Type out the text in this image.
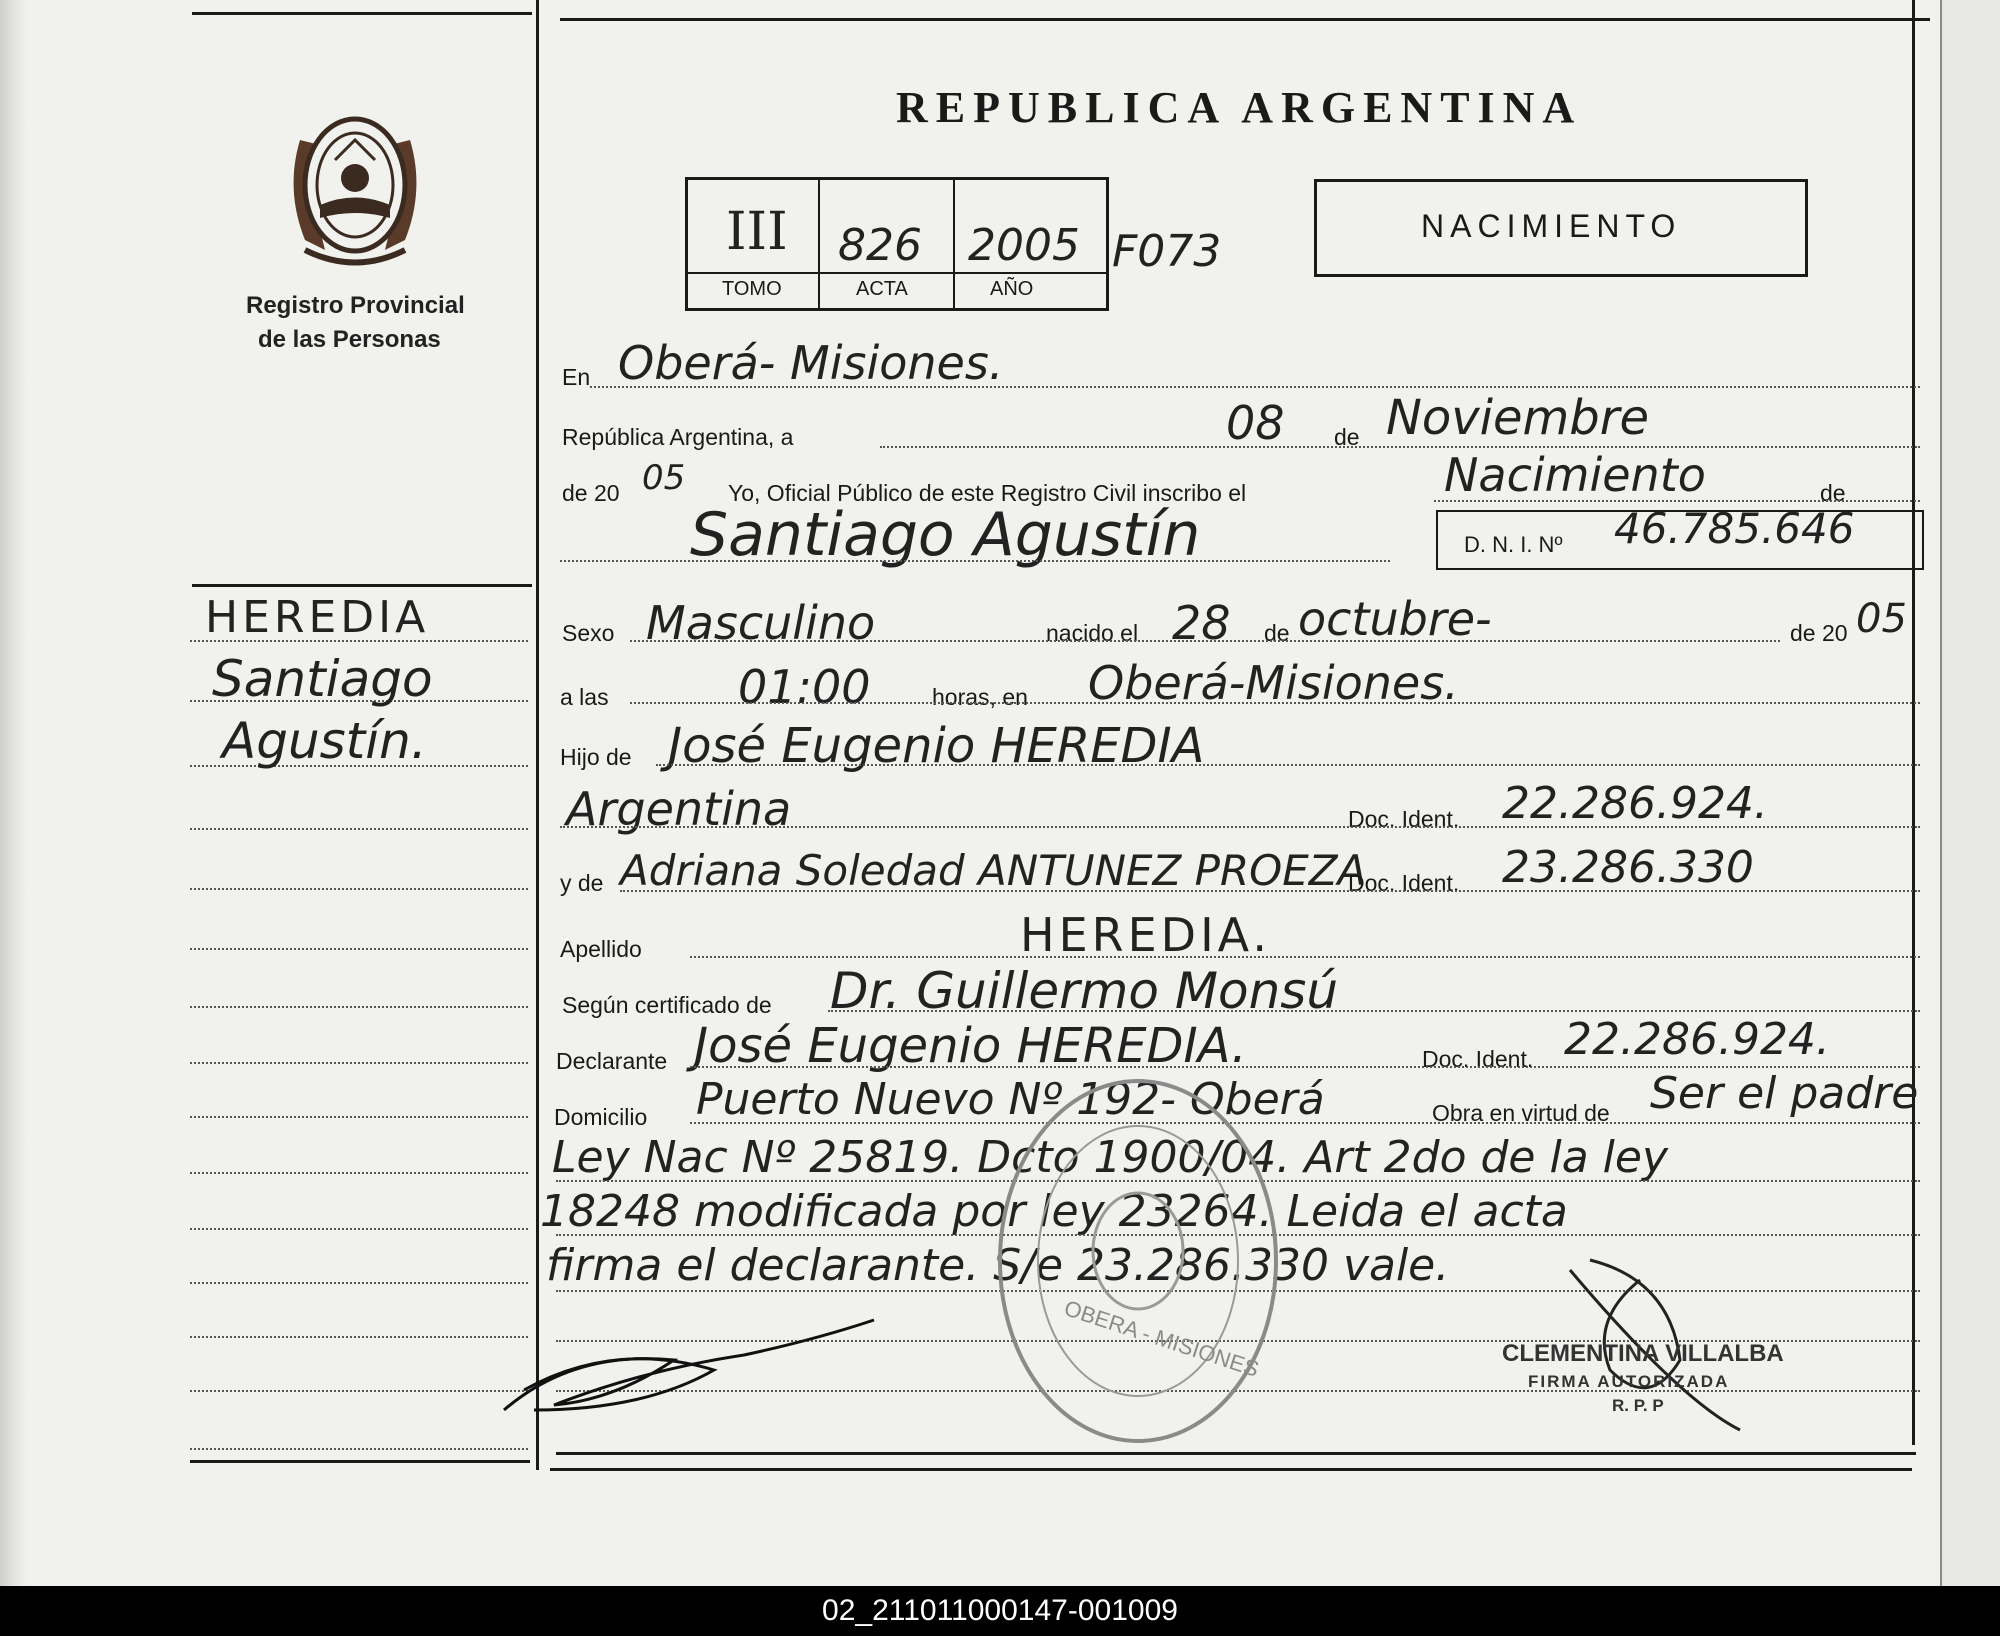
Registro Provincial
de las Personas
REPUBLICA ARGENTINA
III 826 2005
TOMO	ACTA	AÑO
F073	NACIMIENTO
HEREDIA
Santiago
Agustín.
En Oberá- Misiones.
República Argentina, a	08 de Noviembre
de 20 05 Yo, Oficial Público de este Registro Civil inscribo el	Nacimiento	de
Santiago Agustín	D. N. I. Nº 46.785.646
Sexo Masculino	nacido el 28 de octubre-	de 20 05
a las	01:00	horas, en Oberá-Misiones.
Hijo de José Eugenio HEREDIA
Argentina	Doc. Ident. 22.286.924.
y de Adriana Soledad ANTUNEZ PROEZA
Doc. Ident. 23.286.330
Apellido	HEREDIA.
Según certificado de Dr. Guillermo Monsú
Declarante José Eugenio HEREDIA.	Doc. Ident. 22.286.924.
Domicilio Puerto Nuevo Nº 192- Oberá	Obra en virtud de Ser el padre
Ley Nac Nº 25819. Dcto 1900/04. Art 2do de la ley
18248 modificada por ley 23264. Leida el acta
firma el declarante. S/e 23.286.330 vale.
OBERA - MISIONES	CLEMENTINA VILLALBA
FIRMA AUTORIZADA
R. P. P
02_211011000147-001009
